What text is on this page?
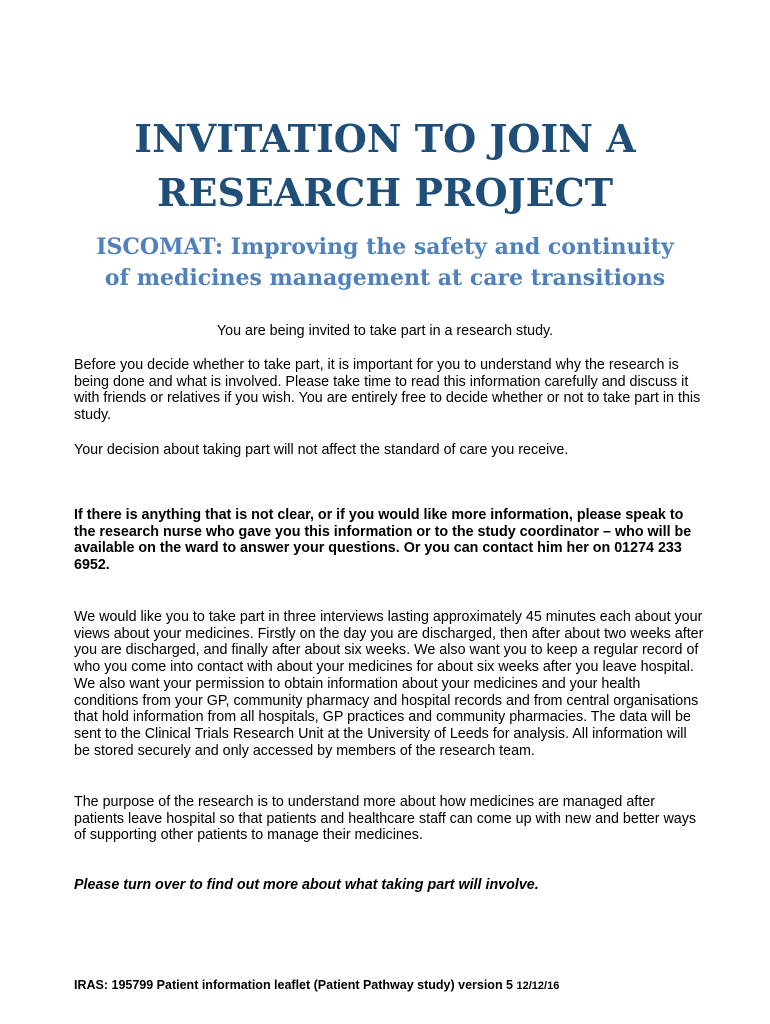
INVITATION TO JOIN A
RESEARCH PROJECT
ISCOMAT: Improving the safety and continuity
of medicines management at care transitions

You are being invited to take part in a research study.

Before you decide whether to take part, it is important for you to understand why the research is being done and what is involved. Please take time to read this information carefully and discuss it with friends or relatives if you wish. You are entirely free to decide whether or not to take part in this study.

Your decision about taking part will not affect the standard of care you receive.

If there is anything that is not clear, or if you would like more information, please speak to the research nurse who gave you this information or to the study coordinator – who will be available on the ward to answer your questions. Or you can contact him her on 01274 233 6952.

We would like you to take part in three interviews lasting approximately 45 minutes each about your views about your medicines. Firstly on the day you are discharged, then after about two weeks after you are discharged, and finally after about six weeks. We also want you to keep a regular record of who you come into contact with about your medicines for about six weeks after you leave hospital. We also want your permission to obtain information about your medicines and your health conditions from your GP, community pharmacy and hospital records and from central organisations that hold information from all hospitals, GP practices and community pharmacies. The data will be sent to the Clinical Trials Research Unit at the University of Leeds for analysis. All information will be stored securely and only accessed by members of the research team.

The purpose of the research is to understand more about how medicines are managed after patients leave hospital so that patients and healthcare staff can come up with new and better ways of supporting other patients to manage their medicines.

Please turn over to find out more about what taking part will involve.

IRAS: 195799 Patient information leaflet (Patient Pathway study) version 5 12/12/16
